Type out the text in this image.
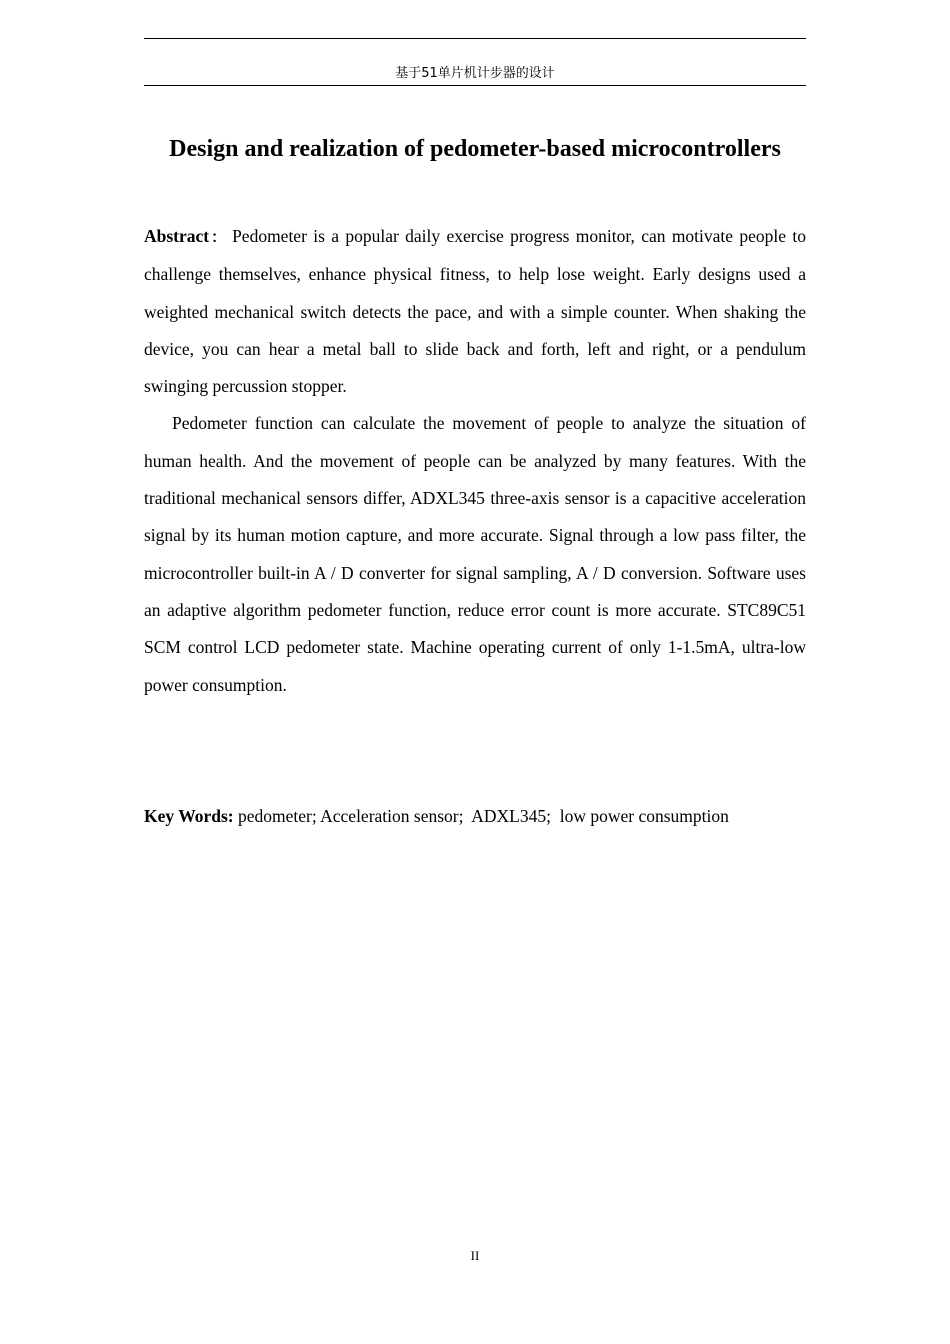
基于51单片机计步器的设计
Design and realization of pedometer-based microcontrollers

Abstract： Pedometer is a popular daily exercise progress monitor, can motivate people to challenge themselves, enhance physical fitness, to help lose weight. Early designs used a weighted mechanical switch detects the pace, and with a simple counter. When shaking the device, you can hear a metal ball to slide back and forth, left and right, or a pendulum swinging percussion stopper.

Pedometer function can calculate the movement of people to analyze the situation of human health. And the movement of people can be analyzed by many features. With the traditional mechanical sensors differ, ADXL345 three-axis sensor is a capacitive acceleration signal by its human motion capture, and more accurate. Signal through a low pass filter, the microcontroller built-in A / D converter for signal sampling, A / D conversion. Software uses an adaptive algorithm pedometer function, reduce error count is more accurate. STC89C51 SCM control LCD pedometer state. Machine operating current of only 1-1.5mA, ultra-low power consumption.

Key Words: pedometer; Acceleration sensor;  ADXL345;  low power consumption
II
